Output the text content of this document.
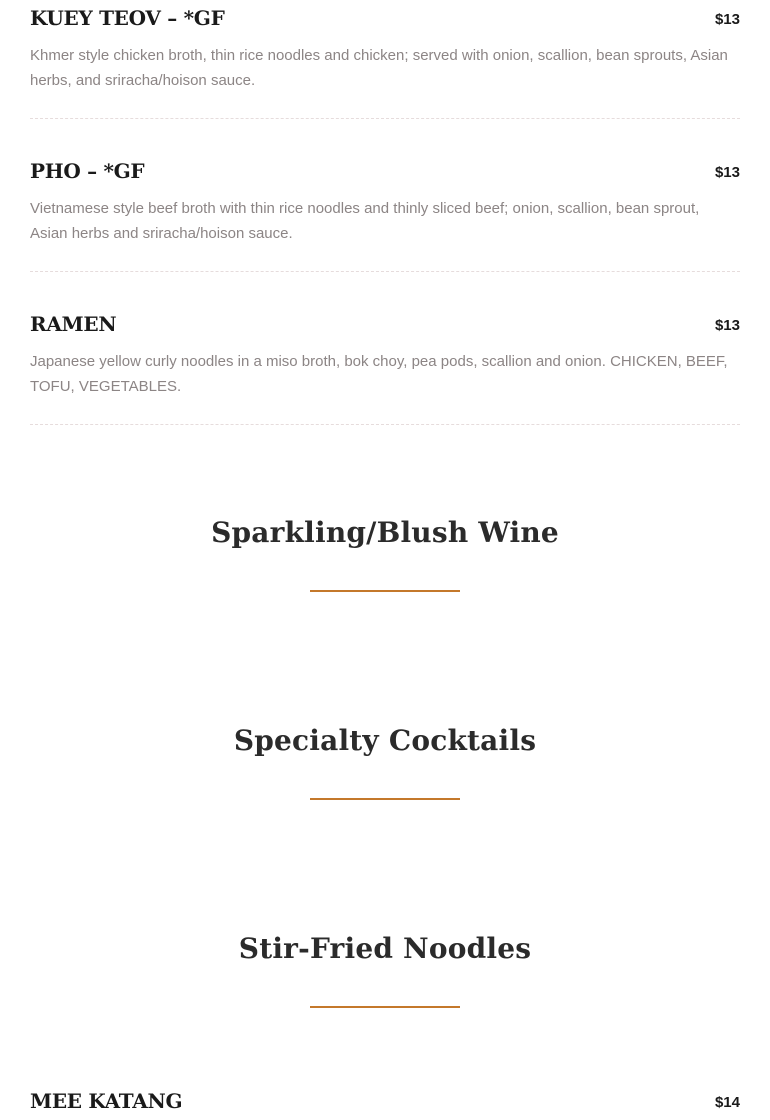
KUEY TEOV – *GF	$13

Khmer style chicken broth, thin rice noodles and chicken; served with onion, scallion, bean sprouts, Asian herbs, and sriracha/hoison sauce.

PHO – *GF	$13

Vietnamese style beef broth with thin rice noodles and thinly sliced beef; onion, scallion, bean sprout, Asian herbs and sriracha/hoison sauce.

RAMEN	$13

Japanese yellow curly noodles in a miso broth, bok choy, pea pods, scallion and onion. CHICKEN, BEEF, TOFU, VEGETABLES.

Sparkling/Blush Wine
Specialty Cocktails
Stir-Fried Noodles
MEE KATANG	$14
